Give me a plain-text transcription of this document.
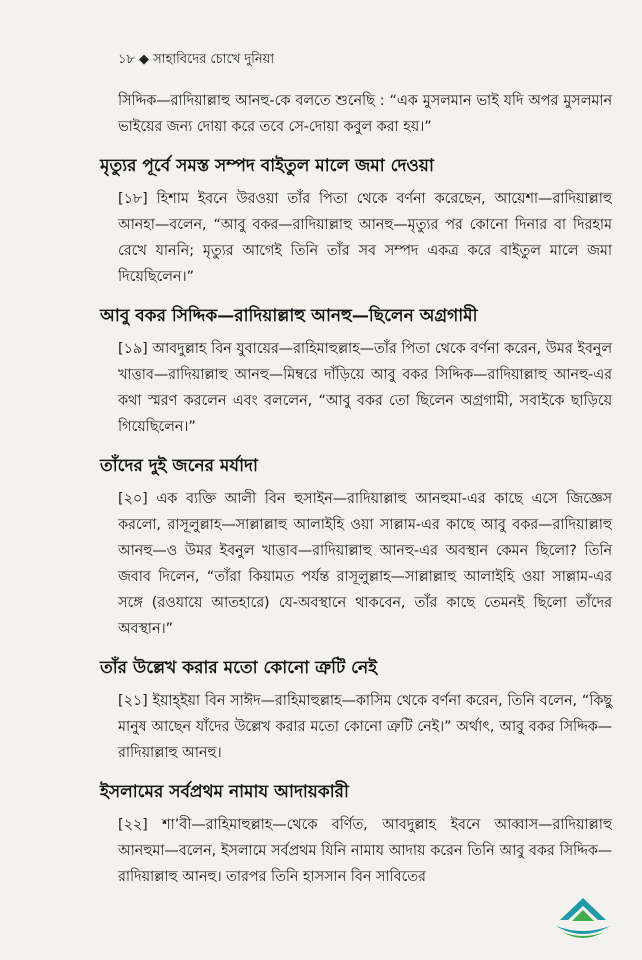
১৮ ◆ সাহাবিদের চোখে দুনিয়া

সিদ্দিক—রাদিয়াল্লাহু আনহু-কে বলতে শুনেছি : “এক মুসলমান ভাই যদি অপর মুসলমান ভাইয়ের জন্য দোয়া করে তবে সে-দোয়া কবুল করা হয়।”

মৃত্যুর পূর্বে সমস্ত সম্পদ বাইতুল মালে জমা দেওয়া

[১৮] হিশাম ইবনে উরওয়া তাঁর পিতা থেকে বর্ণনা করেছেন, আয়েশা—রাদিয়াল্লাহু আনহা—বলেন, “আবু বকর—রাদিয়াল্লাহু আনহু—মৃত্যুর পর কোনো দিনার বা দিরহাম রেখে যাননি; মৃত্যুর আগেই তিনি তাঁর সব সম্পদ একত্র করে বাইতুল মালে জমা দিয়েছিলেন।”

আবু বকর সিদ্দিক—রাদিয়াল্লাহু আনহু—ছিলেন অগ্রগামী

[১৯] আবদুল্লাহ বিন যুবায়ের—রাহিমাহুল্লাহ—তাঁর পিতা থেকে বর্ণনা করেন, উমর ইবনুল খাত্তাব—রাদিয়াল্লাহু আনহু—মিম্বরে দাঁড়িয়ে আবু বকর সিদ্দিক—রাদিয়াল্লাহু আনহু-এর কথা স্মরণ করলেন এবং বললেন, “আবু বকর তো ছিলেন অগ্রগামী, সবাইকে ছাড়িয়ে গিয়েছিলেন।”

তাঁদের দুই জনের মর্যাদা

[২০] এক ব্যক্তি আলী বিন হুসাইন—রাদিয়াল্লাহু আনহুমা-এর কাছে এসে জিজ্ঞেস করলো, রাসূলুল্লাহ—সাল্লাল্লাহু আলাইহি ওয়া সাল্লাম-এর কাছে আবু বকর—রাদিয়াল্লাহু আনহু—ও উমর ইবনুল খাত্তাব—রাদিয়াল্লাহু আনহু-এর অবস্থান কেমন ছিলো? তিনি জবাব দিলেন, “তাঁরা কিয়ামত পর্যন্ত রাসূলুল্লাহ—সাল্লাল্লাহু আলাইহি ওয়া সাল্লাম-এর সঙ্গে (রওযায়ে আতহারে) যে-অবস্থানে থাকবেন, তাঁর কাছে তেমনই ছিলো তাঁদের অবস্থান।”

তাঁর উল্লেখ করার মতো কোনো ত্রুটি নেই

[২১] ইয়াহ্ইয়া বিন সাঈদ—রাহিমাহুল্লাহ—কাসিম থেকে বর্ণনা করেন, তিনি বলেন, “কিছু মানুষ আছেন যাঁদের উল্লেখ করার মতো কোনো ত্রুটি নেই।” অর্থাৎ, আবু বকর সিদ্দিক—রাদিয়াল্লাহু আনহু।

ইসলামের সর্বপ্রথম নামায আদায়কারী

[২২] শা’বী—রাহিমাহুল্লাহ—থেকে বর্ণিত, আবদুল্লাহ ইবনে আব্বাস—রাদিয়াল্লাহু আনহুমা—বলেন, ইসলামে সর্বপ্রথম যিনি নামায আদায় করেন তিনি আবু বকর সিদ্দিক—রাদিয়াল্লাহু আনহু। তারপর তিনি হাসসান বিন সাবিতের
